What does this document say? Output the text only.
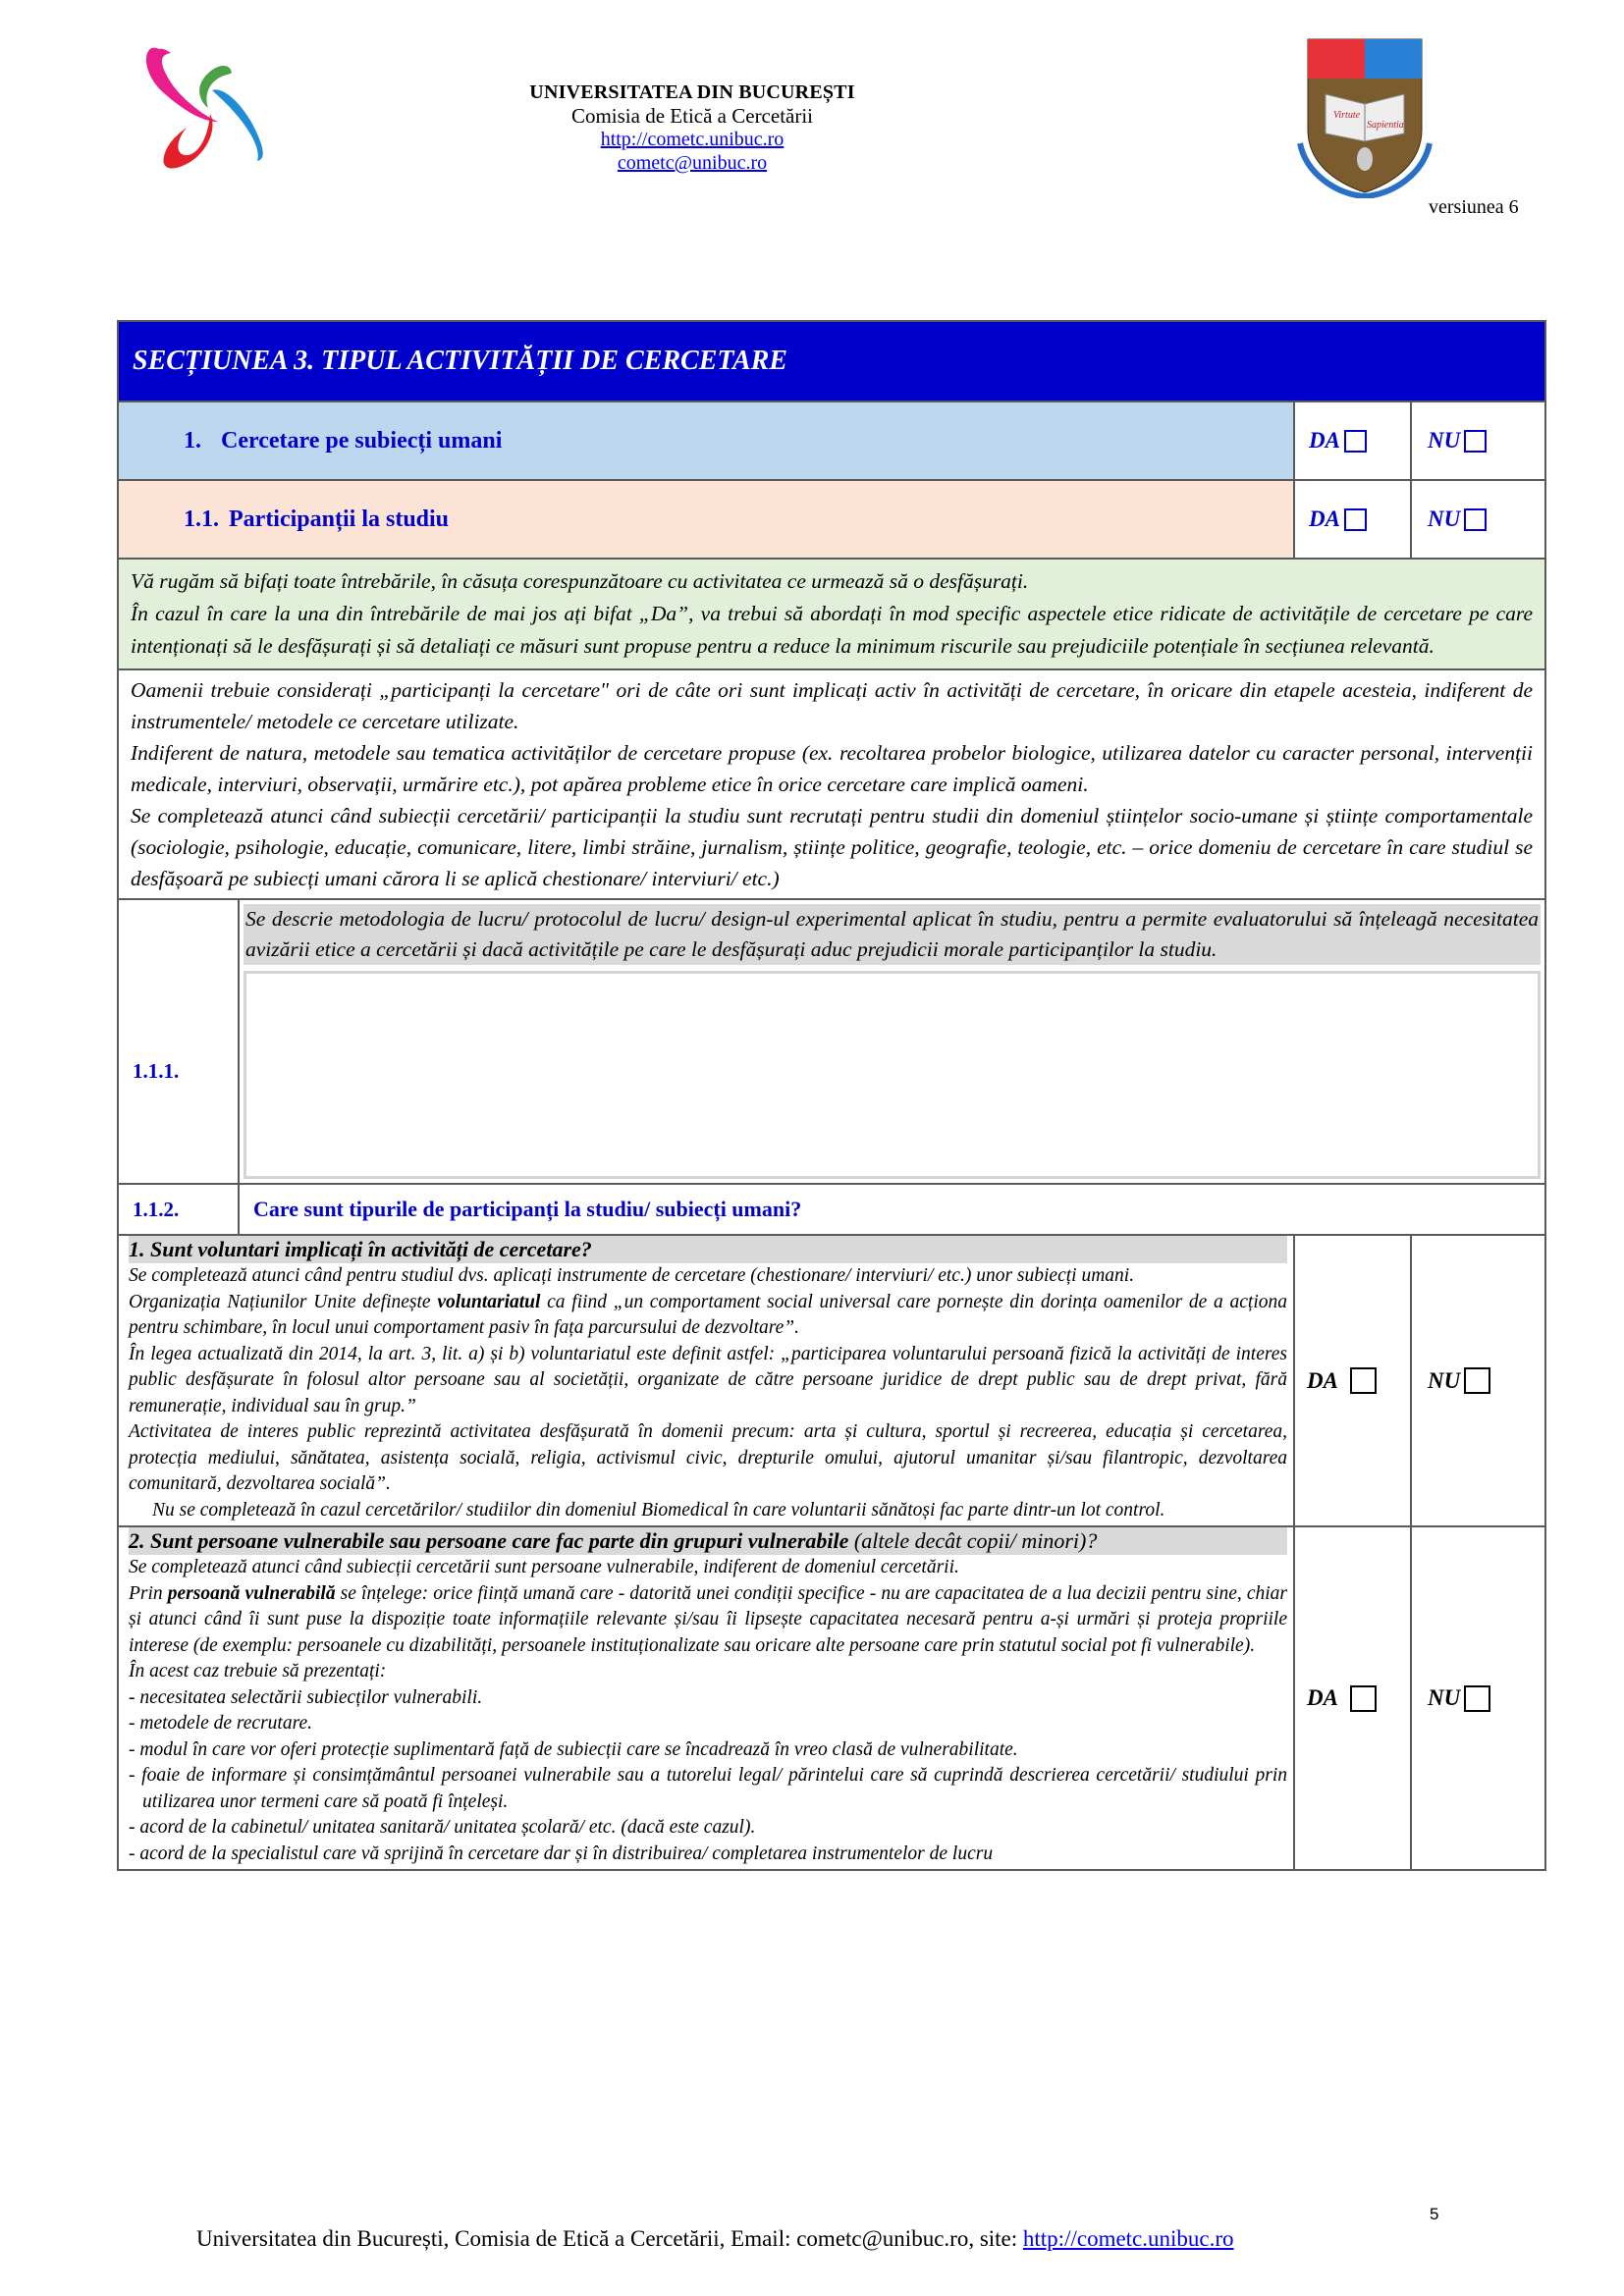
UNIVERSITATEA DIN BUCUREȘTI
Comisia de Etică a Cercetării
http://cometc.unibuc.ro
cometc@unibuc.ro
Virtute
Sapientia
versiunea 6
SECȚIUNEA 3. TIPUL ACTIVITĂȚII DE CERCETARE
1. Cercetare pe subiecți umani	DA	NU
1.1. Participanții la studiu	DA	NU

Vă rugăm să bifați toate întrebările, în căsuța corespunzătoare cu activitatea ce urmează să o desfășurați.

În cazul în care la una din întrebările de mai jos ați bifat „Da”, va trebui să abordați în mod specific aspectele etice ridicate de activitățile de cercetare pe care intenționați să le desfășurați și să detaliați ce măsuri sunt propuse pentru a reduce la minimum riscurile sau prejudiciile potențiale în secțiunea relevantă.

Oamenii trebuie considerați „participanți la cercetare" ori de câte ori sunt implicați activ în activități de cercetare, în oricare din etapele acesteia, indiferent de instrumentele/ metodele ce cercetare utilizate.

Indiferent de natura, metodele sau tematica activităților de cercetare propuse (ex. recoltarea probelor biologice, utilizarea datelor cu caracter personal, intervenții medicale, interviuri, observații, urmărire etc.), pot apărea probleme etice în orice cercetare care implică oameni.

Se completează atunci când subiecții cercetării/ participanții la studiu sunt recrutați pentru studii din domeniul științelor socio-umane și științe comportamentale (sociologie, psihologie, educație, comunicare, litere, limbi străine, jurnalism, științe politice, geografie, teologie, etc. – orice domeniu de cercetare în care studiul se desfășoară pe subiecți umani cărora li se aplică chestionare/ interviuri/ etc.)

1.1.1.
Se descrie metodologia de lucru/ protocolul de lucru/ design-ul experimental aplicat în studiu, pentru a permite evaluatorului să înțeleagă necesitatea avizării etice a cercetării și dacă activitățile pe care le desfășurați aduc prejudicii morale participanților la studiu.
1.1.2.	Care sunt tipurile de participanți la studiu/ subiecți umani?

1. Sunt voluntari implicați în activități de cercetare?

Se completează atunci când pentru studiul dvs. aplicați instrumente de cercetare (chestionare/ interviuri/ etc.) unor subiecți umani.

Organizația Națiunilor Unite definește voluntariatul ca fiind „un comportament social universal care pornește din dorința oamenilor de a acționa pentru schimbare, în locul unui comportament pasiv în fața parcursului de dezvoltare”.

În legea actualizată din 2014, la art. 3, lit. a) și b) voluntariatul este definit astfel: „participarea voluntarului persoană fizică la activități de interes public desfășurate în folosul altor persoane sau al societății, organizate de către persoane juridice de drept public sau de drept privat, fără remunerație, individual sau în grup.”

Activitatea de interes public reprezintă activitatea desfășurată în domenii precum: arta și cultura, sportul și recreerea, educația și cercetarea, protecția mediului, sănătatea, asistența socială, religia, activismul civic, drepturile omului, ajutorul umanitar și/sau filantropic, dezvoltarea comunitară, dezvoltarea socială”.

Nu se completează în cazul cercetărilor/ studiilor din domeniul Biomedical în care voluntarii sănătoși fac parte dintr-un lot control.

DA	NU

2. Sunt persoane vulnerabile sau persoane care fac parte din grupuri vulnerabile (altele decât copii/ minori)?

Se completează atunci când subiecții cercetării sunt persoane vulnerabile, indiferent de domeniul cercetării.

Prin persoană vulnerabilă se înțelege: orice ființă umană care - datorită unei condiții specifice - nu are capacitatea de a lua decizii pentru sine, chiar și atunci când îi sunt puse la dispoziție toate informațiile relevante și/sau îi lipsește capacitatea necesară pentru a-și urmări și proteja propriile interese (de exemplu: persoanele cu dizabilități, persoanele instituționalizate sau oricare alte persoane care prin statutul social pot fi vulnerabile).

În acest caz trebuie să prezentați:

- necesitatea selectării subiecților vulnerabili.

- metodele de recrutare.

- modul în care vor oferi protecție suplimentară față de subiecții care se încadrează în vreo clasă de vulnerabilitate.

- foaie de informare și consimțământul persoanei vulnerabile sau a tutorelui legal/ părintelui care să cuprindă descrierea cercetării/ studiului prin utilizarea unor termeni care să poată fi înțeleși.

- acord de la cabinetul/ unitatea sanitară/ unitatea școlară/ etc. (dacă este cazul).

- acord de la specialistul care vă sprijină în cercetare dar și în distribuirea/ completarea instrumentelor de lucru

DA	NU
5
Universitatea din București, Comisia de Etică a Cercetării, Email: cometc@unibuc.ro, site: http://cometc.unibuc.ro
